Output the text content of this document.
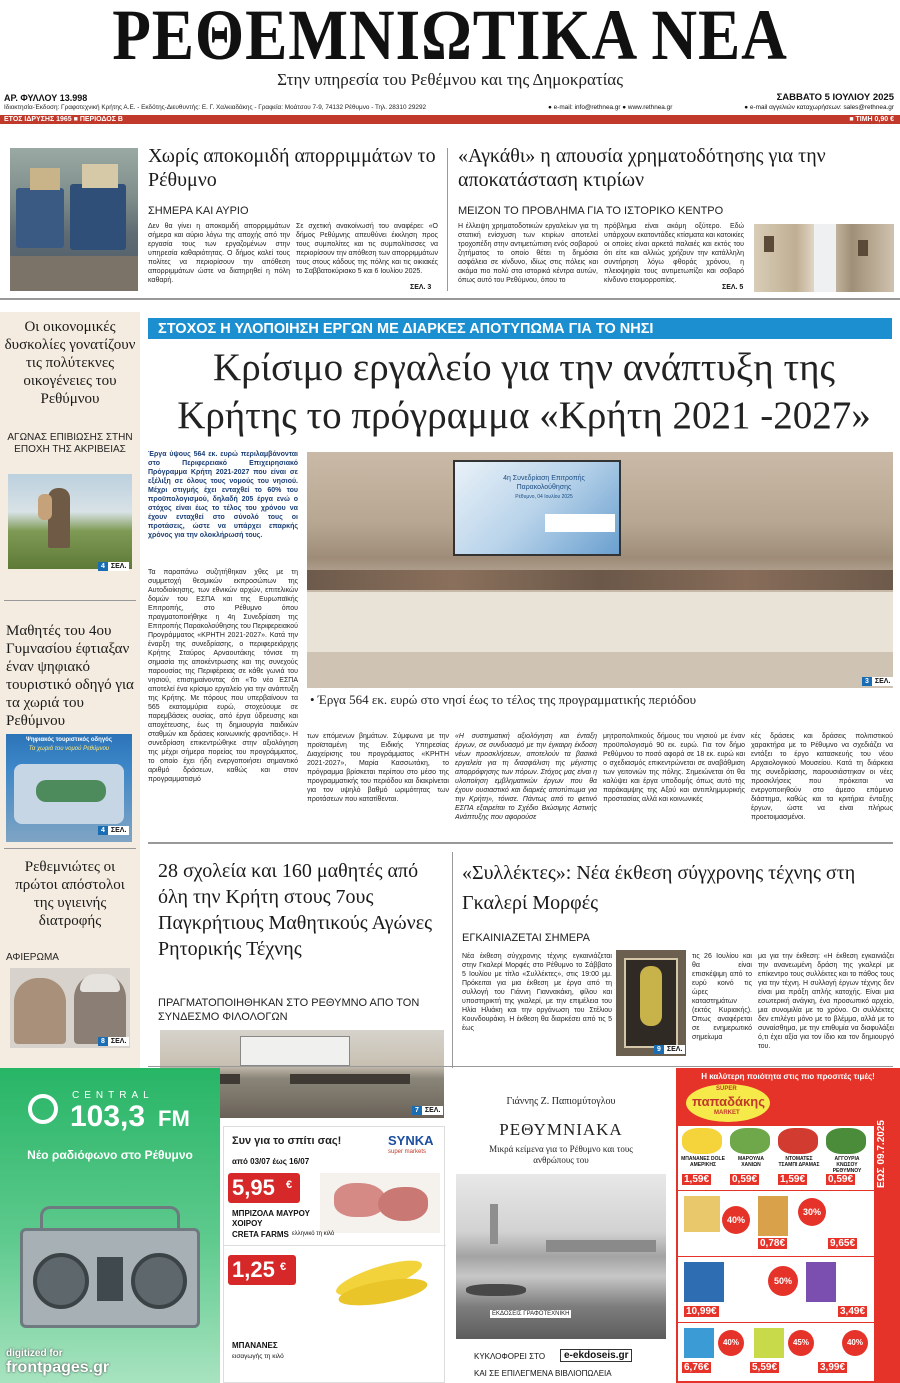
ΡΕΘΕΜΝΙΩΤΙΚΑ ΝΕΑ
Στην υπηρεσία του Ρεθέμνου και της Δημοκρατίας
ΑΡ. ΦΥΛΛΟΥ 13.998	ΣΑΒΒΑΤΟ 5 ΙΟΥΛΙΟΥ 2025
Ιδιοκτησία-Έκδοση: Γραφοτεχνική Κρήτης Α.Ε. - Εκδότης-Διευθυντής: Ε. Γ. Χαλκιαδάκης - Γραφεία: Μοάτσου 7-9, 74132 Ρέθυμνο - Τηλ. 28310 29292	● e-mail: info@rethnea.gr ● www.rethnea.gr	● e-mail αγγελιών καταχωρήσεων: sales@rethnea.gr
ΕΤΟΣ ΙΔΡΥΣΗΣ 1965 ■ ΠΕΡΙΟΔΟΣ Β	■ ΤΙΜΗ 0,90 €
Χωρίς αποκομιδή απορριμμάτων το Ρέθυμνο
ΣΗΜΕΡΑ ΚΑΙ ΑΥΡΙΟ
Δεν θα γίνει η αποκομιδή απορριμμάτων σήμερα και αύριο λόγω της αποχής από την εργασία τους των εργαζομένων στην υπηρεσία καθαριότητας. Ο δήμος καλεί τους πολίτες να περιορίσουν την απόθεση απορριμμάτων ώστε να διατηρηθεί η πόλη καθαρή.
Σε σχετική ανακοίνωσή του αναφέρει: «Ο δήμος Ρεθύμνης απευθύνει έκκληση προς τους συμπολίτες και τις συμπολίτισσες να περιορίσουν την απόθεση των απορριμμάτων τους στους κάδους της πόλης και τις οικιακές το Σαββατοκύριακο 5 και 6 Ιουλίου 2025.
ΣΕΛ. 3
«Αγκάθι» η απουσία χρηματοδότησης για την αποκατάσταση κτιρίων
ΜΕΙΖΟΝ ΤΟ ΠΡΟΒΛΗΜΑ ΓΙΑ ΤΟ ΙΣΤΟΡΙΚΟ ΚΕΝΤΡΟ
Η έλλειψη χρηματοδοτικών εργαλείων για τη στατική ενίσχυση των κτιρίων αποτελεί τροχοπέδη στην αντιμετώπιση ενός σοβαρού ζητήματος το οποίο θέτει τη δημόσια ασφάλεια σε κίνδυνο, ιδίως στις πόλεις και ακόμα πιο πολύ στα ιστορικά κέντρα αυτών, όπως αυτό του Ρεθύμνου, όπου το
πρόβλημα είναι ακόμη οξύτερο. Εδώ υπάρχουν εκατοντάδες κτίσματα και κατοικίες οι οποίες είναι αρκετά παλαιές και εκτός του ότι είτε και αλλιώς χρήζουν την κατάλληλη συντήρηση λόγω φθοράς χρόνου, η πλειοψηφία τους αντιμετωπίζει και σοβαρό κίνδυνο ετοιμορροπίας.
ΣΕΛ. 5
Οι οικονομικές δυσκολίες γονατίζουν τις πολύτεκνες οικογένειες του Ρεθύμνου
ΑΓΩΝΑΣ ΕΠΙΒΙΩΣΗΣ ΣΤΗΝ ΕΠΟΧΗ ΤΗΣ ΑΚΡΙΒΕΙΑΣ
4 ΣΕΛ.
Μαθητές του 4ου Γυμνασίου έφτιαξαν έναν ψηφιακό τουριστικό οδηγό για τα χωριά του Ρεθύμνου
Ψηφιακός τουριστικός οδηγός
Τα χωριά του νομού Ρεθύμνου
4 ΣΕΛ.
Ρεθεμνιώτες οι πρώτοι απόστολοι της υγιεινής διατροφής
ΑΦΙΕΡΩΜΑ
8 ΣΕΛ.
ΣΤΟΧΟΣ Η ΥΛΟΠΟΙΗΣΗ ΕΡΓΩΝ ΜΕ ΔΙΑΡΚΕΣ ΑΠΟΤΥΠΩΜΑ ΓΙΑ ΤΟ ΝΗΣΙ
Κρίσιμο εργαλείο για την ανάπτυξη της Κρήτης το πρόγραμμα «Κρήτη 2021 -2027»
Έργα ύψους 564 εκ. ευρώ περιλαμβάνονται στο Περιφερειακό Επιχειρησιακό Πρόγραμμα Κρήτη 2021-2027 που είναι σε εξέλιξη σε όλους τους νομούς του νησιού. Μέχρι στιγμής έχει ενταχθεί το 60% του προϋπολογισμού, δηλαδή 205 έργα ενώ ο στόχος είναι έως το τέλος του χρόνου να έχουν ενταχθεί στο σύνολό τους οι προτάσεις, ώστε να υπάρχει επαρκής χρόνος για την ολοκλήρωσή τους.
Τα παραπάνω συζητήθηκαν χθες με τη συμμετοχή θεσμικών εκπροσώπων της Αυτοδιοίκησης, των εθνικών αρχών, επιτελικών δομών του ΕΣΠΑ και της Ευρωπαϊκής Επιτροπής, στο Ρέθυμνο όπου πραγματοποιήθηκε η 4η Συνεδρίαση της Επιτροπής Παρακολούθησης του Περιφερειακού Προγράμματος «ΚΡΗΤΗ 2021-2027». Κατά την έναρξη της συνεδρίασης, ο περιφερειάρχης Κρήτης Σταύρος Αρναουτάκης τόνισε τη σημασία της αποκέντρωσης και της συνεχούς παρουσίας της Περιφέρειας σε κάθε γωνιά του νησιού, επισημαίνοντας ότι «Το νέο ΕΣΠΑ αποτελεί ένα κρίσιμο εργαλείο για την ανάπτυξη της Κρήτης. Με πόρους που υπερβαίνουν τα 565 εκατομμύρια ευρώ, στοχεύουμε σε παρεμβάσεις ουσίας, από έργα ύδρευσης και αποχέτευσης, έως τη δημιουργία παιδικών σταθμών και δράσεις κοινωνικής φροντίδας». Η συνεδρίαση επικεντρώθηκε στην αξιολόγηση της μέχρι σήμερα πορείας του προγράμματος, το οποίο έχει ήδη ενεργοποιήσει σημαντικό αριθμό δράσεων, καθώς και στον προγραμματισμό
4η Συνεδρίαση Επιτροπής Παρακολούθησης
Ρέθυμνο, 04 Ιουλίου 2025
3 ΣΕΛ.
• Έργα 564 εκ. ευρώ στο νησί έως το τέλος της προγραμματικής περιόδου
των επόμενων βημάτων. Σύμφωνα με την προϊσταμένη της Ειδικής Υπηρεσίας Διαχείρισης του προγράμματος «ΚΡΗΤΗ 2021-2027», Μαρία Κασσωτάκη, το πρόγραμμα βρίσκεται περίπου στο μέσο της προγραμματικής του περιόδου και διακρίνεται για τον υψηλό βαθμό ωριμότητας των προτάσεων που κατατίθενται.
«Η συστηματική αξιολόγηση και ένταξη έργων, σε συνδυασμό με την έγκαιρη έκδοση νέων προσκλήσεων, αποτελούν τα βασικά εργαλεία για τη διασφάλιση της μέγιστης απορρόφησης των πόρων. Στόχος μας είναι η υλοποίηση εμβληματικών έργων που θα έχουν ουσιαστικό και διαρκές αποτύπωμα για την Κρήτη», τόνισε. Πάντως από το φετινό ΕΣΠΑ εξαιρείται το Σχέδιο Βιώσιμης Αστικής Ανάπτυξης που αφορούσε
μητροπολιτικούς δήμους του νησιού με έναν προϋπολογισμό 90 εκ. ευρώ. Για τον δήμο Ρεθύμνου το ποσό αφορά σε 18 εκ. ευρώ και ο σχεδιασμός επικεντρώνεται σε αναβάθμιση των γειτονιών της πόλης. Σημειώνεται ότι θα καλύψει και έργα υποδομής όπως αυτό της παράκαμψης της Αξού και αντιπλημμυρικής προστασίας αλλά και κοινωνικές
κές δράσεις και δράσεις πολιτιστικού χαρακτήρα με το Ρέθυμνο να σχεδιάζει να εντάξει το έργο κατασκευής του νέου Αρχαιολογικού Μουσείου. Κατά τη διάρκεια της συνεδρίασης, παρουσιάστηκαν οι νέες προσκλήσεις που πρόκειται να ενεργοποιηθούν στο άμεσο επόμενο διάστημα, καθώς και τα κριτήρια ένταξης έργων, ώστε να είναι πλήρως προετοιμασμένοι.
28 σχολεία και 160 μαθητές από όλη την Κρήτη στους 7ους Παγκρήτιους Μαθητικούς Αγώνες Ρητορικής Τέχνης
ΠΡΑΓΜΑΤΟΠΟΙΗΘΗΚΑΝ ΣΤΟ ΡΕΘΥΜΝΟ ΑΠΟ ΤΟΝ ΣΥΝΔΕΣΜΟ ΦΙΛΟΛΟΓΩΝ
7 ΣΕΛ.
«Συλλέκτες»: Νέα έκθεση σύγχρονης τέχνης στη Γκαλερί Μορφές
ΕΓΚΑΙΝΙΑΖΕΤΑΙ ΣΗΜΕΡΑ
Νέα έκθεση σύγχρονης τέχνης εγκαινιάζεται στην Γκαλερί Μορφές στο Ρέθυμνο το Σάββατο 5 Ιουλίου με τίτλο «Συλλέκτες», στις 19:00 μμ. Πρόκειται για μια έκθεση με έργα από τη συλλογή του Γιάννη Γιαννακάκη, φίλου και υποστηρικτή της γκαλερί, με την επιμέλεια του Ηλία Ηλιάκη και την οργάνωση του Στέλιου Κουνδουράκη. Η έκθεση θα διαρκέσει από τις 5 έως
9 ΣΕΛ.
τις 26 Ιουλίου και θα είναι επισκέψιμη από το ευρύ κοινό τις ώρες καταστημάτων (εκτός Κυριακής). Όπως αναφέρεται σε ενημερωτικό σημείωμα
μα για την έκθεση: «Η έκθεση εγκαινιάζει την ανανεωμένη δράση της γκαλερί με επίκεντρο τους συλλέκτες και το πάθος τους για την τέχνη. Η συλλογή έργων τέχνης δεν είναι μια πράξη απλής κατοχής. Είναι μια εσωτερική ανάγκη, ένα προσωπικό αρχείο, μια συνομιλία με το χρόνο. Οι συλλέκτες δεν επιλέγει μόνο με το βλέμμα, αλλά με το συναίσθημα, με την επιθυμία να διαφυλάξει ό,τι έχει αξία για τον ίδιο και τον δημιουργό του.
CENTRAL
103,3 FM
Νέο ραδιόφωνο στο Ρέθυμνο
digitized for
frontpages.gr
Συν για το σπίτι σας!	SYNKA
super markets
από 03/07 έως 16/07
5,95 €
ΜΠΡΙΖΟΛΑ ΜΑΥΡΟΥ ΧΟΙΡΟΥ
CRETA FARMS ελληνικό τη κιλό
1,25 €
ΜΠΑΝΑΝΕΣ
εισαγωγής τη κιλό
Γιάννης Ζ. Παπιομύτογλου
ΡΕΘΥΜΝΙΑΚΑ
Μικρά κείμενα για το Ρέθυμνο και τους ανθρώπους του
ΕΚΔΟΣΕΙΣ ΓΡΑΦΟΤΕΧΝΙΚΗ
ΚΥΚΛΟΦΟΡΕΙ ΣΤΟ	e-ekdoseis.gr
ΚΑΙ ΣΕ ΕΠΙΛΕΓΜΕΝΑ ΒΙΒΛΙΟΠΩΛΕΙΑ
Η καλύτερη ποιότητα στις πιο προσιτές τιμές!
SUPER
παπαδάκης
MARKET
ΕΩΣ 09.7.2025
ΜΠΑΝΑΝΕΣ DOLE ΑΜΕΡΙΚΗΣ
ΜΑΡΟΥΛΙΑ ΧΑΝΙΩΝ
ΝΤΟΜΑΤΕΣ ΤΣΑΜΠΙ ΔΡΑΜΑΣ
ΑΓΓΟΥΡΙΑ ΚΝΩΣΟΥ ΡΕΘΥΜΝΟΥ
1,59€ 0,59€ 1,59€ 0,59€
40%
0,78€
30%
9,65€
50%
10,99€	3,49€
40%	45%	40%
6,76€	5,59€	3,99€
